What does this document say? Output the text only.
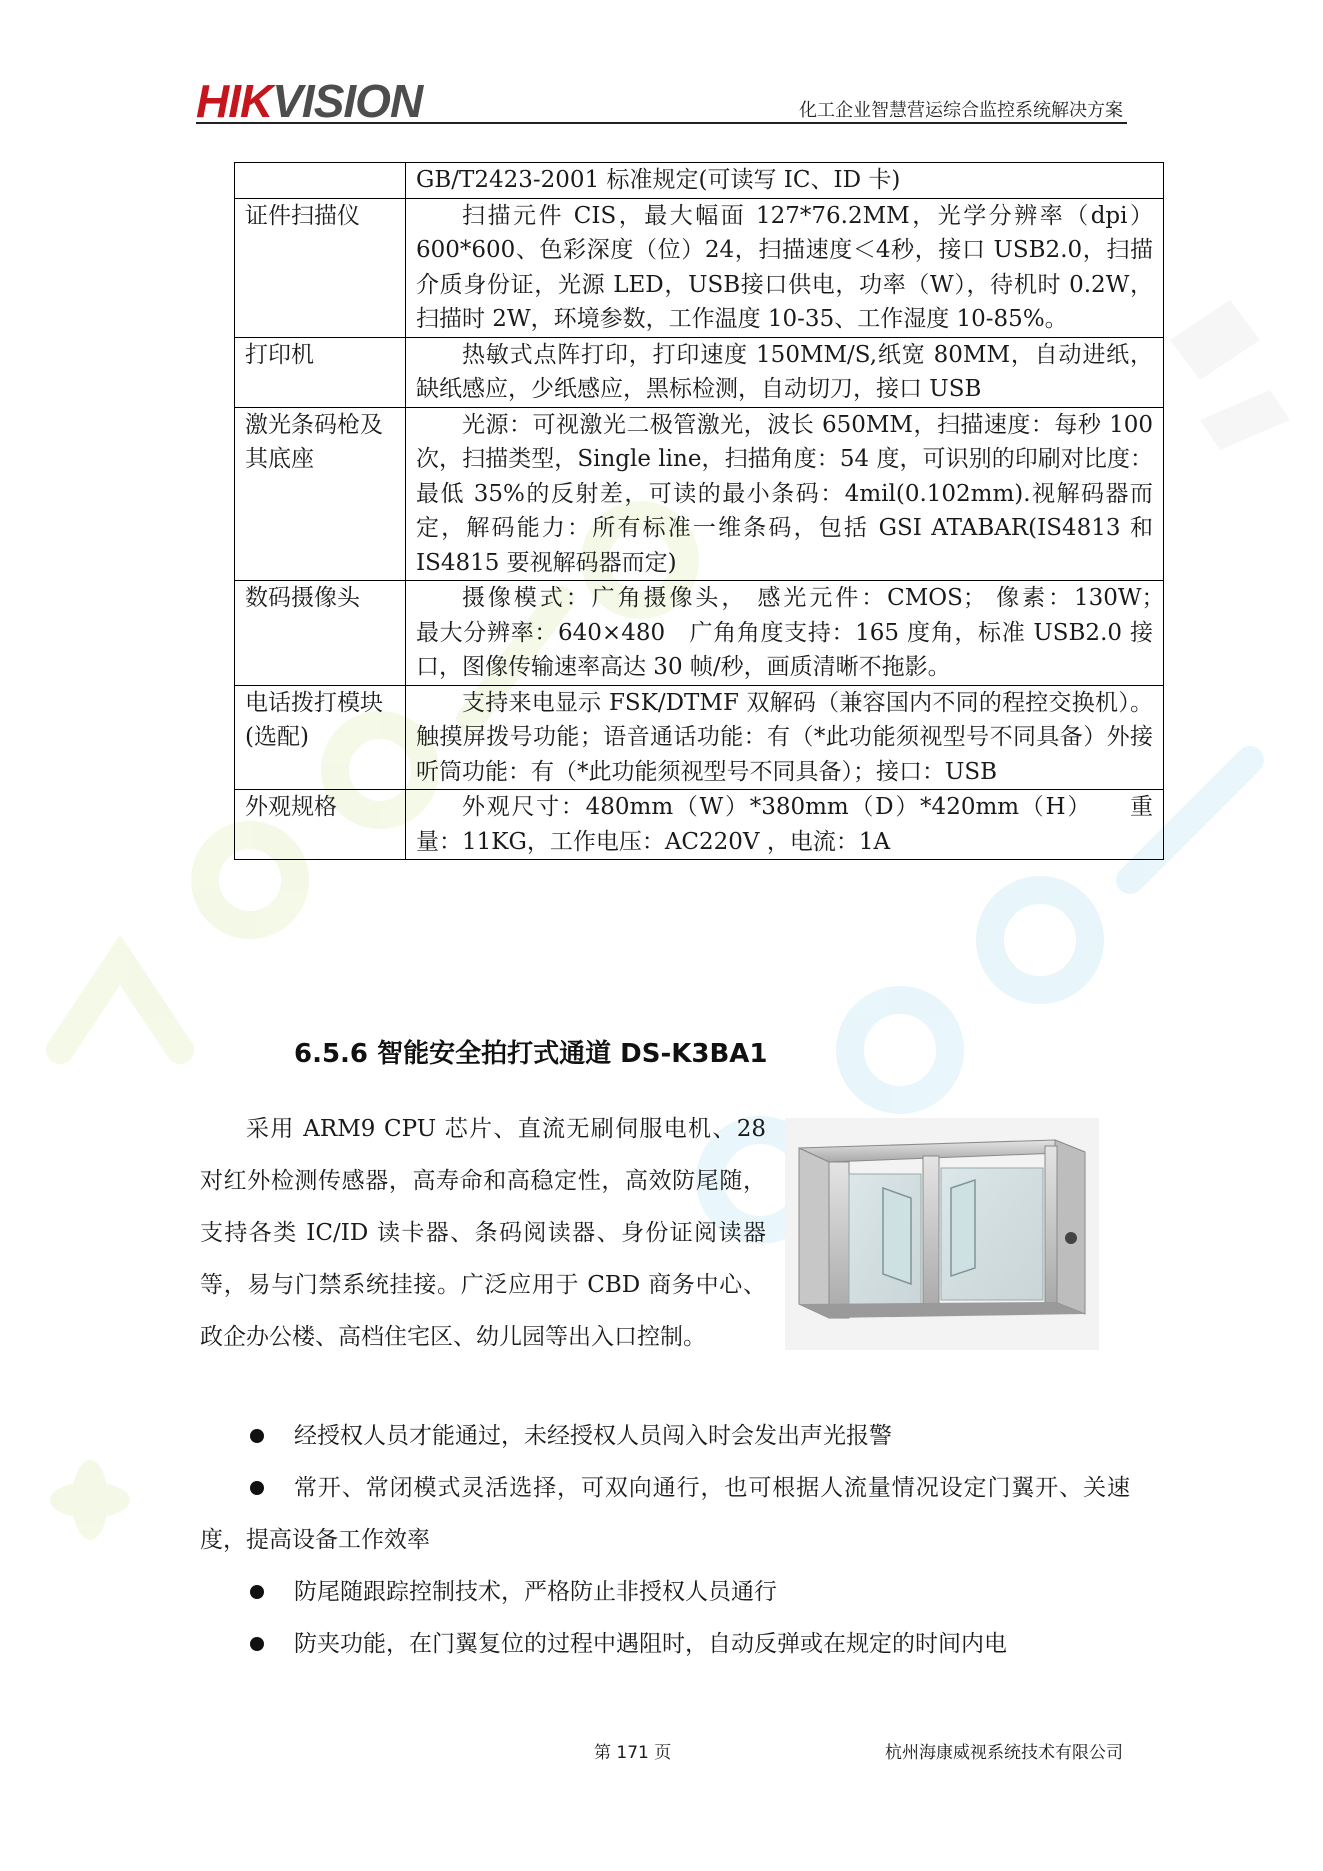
HIKVISION	化工企业智慧营运综合监控系统解决方案
	GB/T2423-2001 标准规定(可读写 IC、ID 卡)
证件扫描仪	扫描元件 CIS，最大幅面 127*76.2MM，光学分辨率（dpi）600*600、色彩深度（位）24，扫描速度＜4秒，接口 USB2.0，扫描介质身份证，光源 LED，USB接口供电，功率（W），待机时 0.2W，扫描时 2W，环境参数，工作温度 10-35、工作湿度 10-85%。
打印机	热敏式点阵打印，打印速度 150MM/S,纸宽 80MM，自动进纸，缺纸感应，少纸感应，黑标检测，自动切刀，接口 USB
激光条码枪及其底座	光源：可视激光二极管激光，波长 650MM，扫描速度：每秒 100 次，扫描类型，Single line，扫描角度：54 度，可识别的印刷对比度：最低 35%的反射差，可读的最小条码：4mil(0.102mm).视解码器而定，解码能力：所有标准一维条码，包括 GSI ATABAR(IS4813 和 IS4815 要视解码器而定)
数码摄像头	摄像模式：广角摄像头， 感光元件：CMOS； 像素：130W；　　　　　　最大分辨率：640×480　广角角度支持：165 度角，标准 USB2.0 接口，图像传输速率高达 30 帧/秒，画质清晰不拖影。
电话拨打模块(选配)	支持来电显示 FSK/DTMF 双解码（兼容国内不同的程控交换机）。触摸屏拨号功能；语音通话功能：有（*此功能须视型号不同具备）外接听筒功能：有（*此功能须视型号不同具备）；接口：USB
外观规格	外观尺寸：480mm（W）*380mm（D）*420mm（H）　　重量：11KG，工作电压：AC220V ，电流：1A
6.5.6 智能安全拍打式通道 DS-K3BA1
采用 ARM9 CPU 芯片、直流无刷伺服电机、28 对红外检测传感器，高寿命和高稳定性，高效防尾随，支持各类 IC/ID 读卡器、条码阅读器、身份证阅读器等，易与门禁系统挂接。广泛应用于 CBD 商务中心、政企办公楼、高档住宅区、幼儿园等出入口控制。
经授权人员才能通过，未经授权人员闯入时会发出声光报警
常开、常闭模式灵活选择，可双向通行，也可根据人流量情况设定门翼开、关速度，提高设备工作效率
防尾随跟踪控制技术，严格防止非授权人员通行
防夹功能，在门翼复位的过程中遇阻时，自动反弹或在规定的时间内电
第 171 页	杭州海康威视系统技术有限公司
